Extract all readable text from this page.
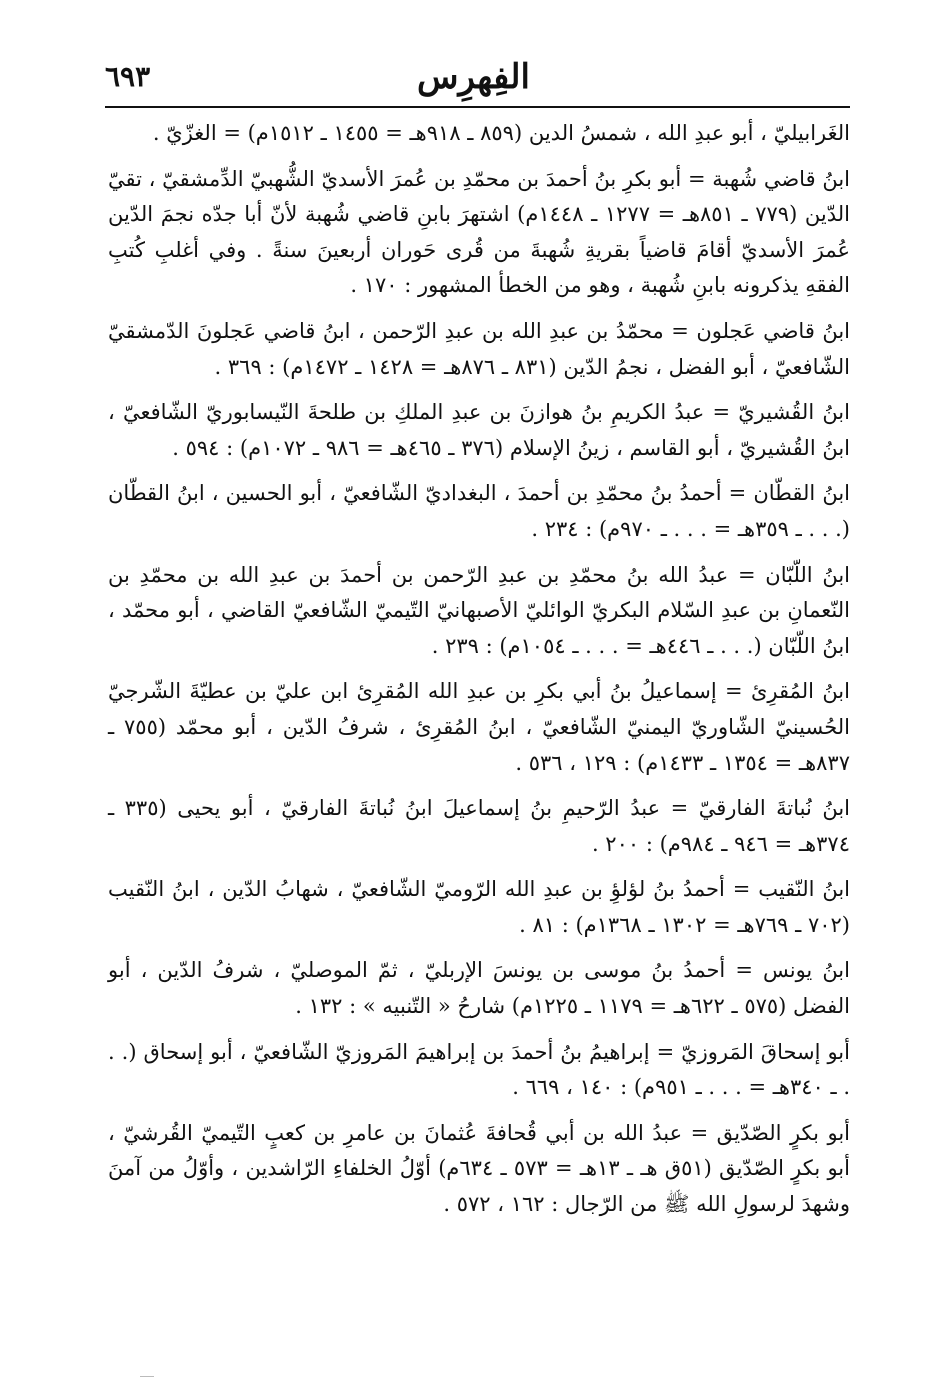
الفِهرِس
٦٩٣

الغَرابيليّ ، أبو عبدِ الله ، شمسُ الدين (٨٥٩ ـ ٩١٨هـ = ١٤٥٥ ـ ١٥١٢م) = الغزّيّ .

ابنُ قاضي شُهبة = أبو بكرِ بنُ أحمدَ بن محمّدِ بن عُمرَ الأسديّ الشُّهبيّ الدِّمشقيّ ، تقيّ الدّين (٧٧٩ ـ ٨٥١هـ = ١٢٧٧ ـ ١٤٤٨م) اشتهرَ بابنِ قاضي شُهبة لأنّ أبا جدّه نجمَ الدّين عُمرَ الأسديّ أقامَ قاضياً بقريةِ شُهبةَ من قُرى حَوران أربعينَ سنةً . وفي أغلبِ كُتبِ الفقهِ يذكرونه بابنِ شُهبة ، وهو من الخطأ المشهور : ١٧٠ .

ابنُ قاضي عَجلون = محمّدُ بن عبدِ الله بن عبدِ الرّحمن ، ابنُ قاضي عَجلونَ الدّمشقيّ الشّافعيّ ، أبو الفضل ، نجمُ الدّين (٨٣١ ـ ٨٧٦هـ = ١٤٢٨ ـ ١٤٧٢م) : ٣٦٩ .

ابنُ القُشيريّ = عبدُ الكريمِ بنُ هوازنَ بن عبدِ الملكِ بن طلحةَ النّيسابوريّ الشّافعيّ ، ابنُ القُشيريّ ، أبو القاسم ، زينُ الإسلام (٣٧٦ ـ ٤٦٥هـ = ٩٨٦ ـ ١٠٧٢م) : ٥٩٤ .

ابنُ القطّان = أحمدُ بنُ محمّدِ بن أحمدَ ، البغداديّ الشّافعيّ ، أبو الحسين ، ابنُ القطّان (. . . ـ ٣٥٩هـ = . . . ـ ٩٧٠م) : ٢٣٤ .

ابنُ اللّبّان = عبدُ الله بنُ محمّدِ بن عبدِ الرّحمن بن أحمدَ بن عبدِ الله بن محمّدِ بن النّعمانِ بن عبدِ السّلام البكريّ الوائليّ الأصبهانيّ التّيميّ الشّافعيّ القاضي ، أبو محمّد ، ابنُ اللّبّان (. . . ـ ٤٤٦هـ = . . . ـ ١٠٥٤م) : ٢٣٩ .

ابنُ المُقرِئ = إسماعيلُ بنُ أبي بكرِ بن عبدِ الله المُقرِئ ابن عليّ بن عطيّةَ الشّرجيّ الحُسينيّ الشّاوريّ اليمنيّ الشّافعيّ ، ابنُ المُقرِئ ، شرفُ الدّين ، أبو محمّد (٧٥٥ ـ ٨٣٧هـ = ١٣٥٤ ـ ١٤٣٣م) : ١٢٩ ، ٥٣٦ .

ابنُ نُباتةَ الفارقيّ = عبدُ الرّحيمِ بنُ إسماعيلَ ابنُ نُباتةَ الفارقيّ ، أبو يحيى (٣٣٥ ـ ٣٧٤هـ = ٩٤٦ ـ ٩٨٤م) : ٢٠٠ .

ابنُ النّقيب = أحمدُ بنُ لؤلؤِ بن عبدِ الله الرّوميّ الشّافعيّ ، شهابُ الدّين ، ابنُ النّقيب (٧٠٢ ـ ٧٦٩هـ = ١٣٠٢ ـ ١٣٦٨م) : ٨١ .

ابنُ يونس = أحمدُ بنُ موسى بن يونسَ الإربليّ ، ثمّ الموصليّ ، شرفُ الدّين ، أبو الفضل (٥٧٥ ـ ٦٢٢هـ = ١١٧٩ ـ ١٢٢٥م) شارحُ « التّنبيه » : ١٣٢ .

أبو إسحاقَ المَروزيّ = إبراهيمُ بنُ أحمدَ بن إبراهيمَ المَروزيّ الشّافعيّ ، أبو إسحاق (. . . ـ ٣٤٠هـ = . . . ـ ٩٥١م) : ١٤٠ ، ٦٦٩ .

أبو بكرٍ الصّدّيق = عبدُ الله بن أبي قُحافةَ عُثمانَ بن عامرِ بن كعبٍ التّيميّ القُرشيّ ، أبو بكرٍ الصّدّيق (٥١ق هـ ـ ١٣هـ = ٥٧٣ ـ ٦٣٤م) أوّلُ الخلفاءِ الرّاشدين ، وأوّلُ من آمنَ وشهدَ لرسولِ الله ﷺ من الرّجال : ١٦٢ ، ٥٧٢ .
